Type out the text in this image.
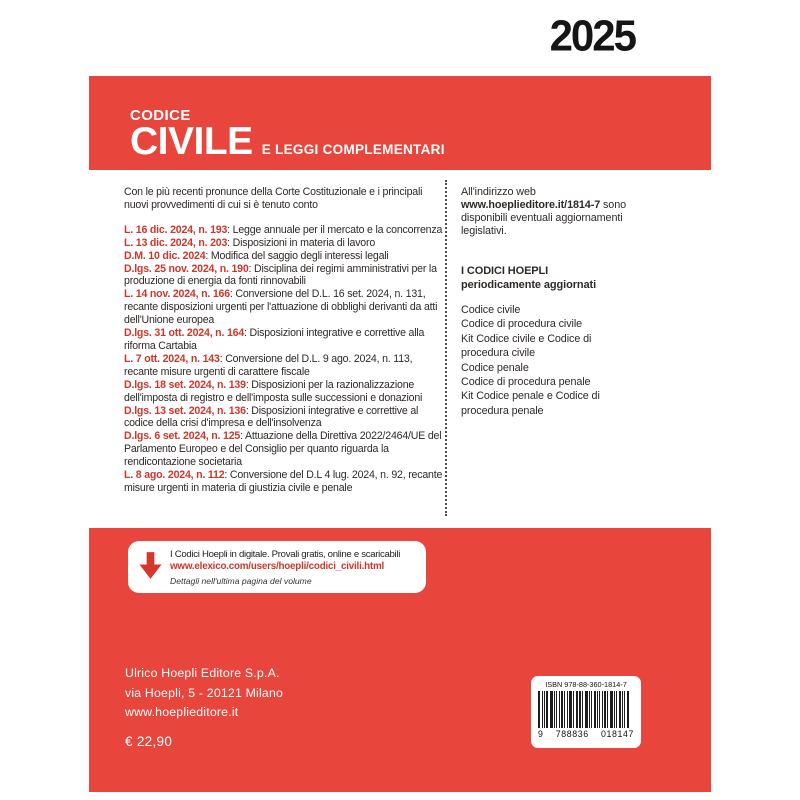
2025
CODICE
CIVILE E LEGGI COMPLEMENTARI

Con le più recenti pronunce della Corte Costituzionale e i principali nuovi provvedimenti di cui si è tenuto conto

L. 16 dic. 2024, n. 193: Legge annuale per il mercato e la concorrenza

L. 13 dic. 2024, n. 203: Disposizioni in materia di lavoro

D.M. 10 dic. 2024: Modifica del saggio degli interessi legali

D.lgs. 25 nov. 2024, n. 190: Disciplina dei regimi amministrativi per la produzione di energia da fonti rinnovabili

L. 14 nov. 2024, n. 166: Conversione del D.L. 16 set. 2024, n. 131, recante disposizioni urgenti per l'attuazione di obblighi derivanti da atti dell'Unione europea

D.lgs. 31 ott. 2024, n. 164: Disposizioni integrative e correttive alla riforma Cartabia

L. 7 ott. 2024, n. 143: Conversione del D.L. 9 ago. 2024, n. 113, recante misure urgenti di carattere fiscale

D.lgs. 18 set. 2024, n. 139: Disposizioni per la razionalizzazione dell'imposta di registro e dell'imposta sulle successioni e donazioni

D.lgs. 13 set. 2024, n. 136: Disposizioni integrative e correttive al codice della crisi d'impresa e dell'insolvenza

D.lgs. 6 set. 2024, n. 125: Attuazione della Direttiva 2022/2464/UE del Parlamento Europeo e del Consiglio per quanto riguarda la rendicontazione societaria

L. 8 ago. 2024, n. 112: Conversione del D.L 4 lug. 2024, n. 92, recante misure urgenti in materia di giustizia civile e penale

All'indirizzo web www.hoeplieditore.it/1814-7 sono disponibili eventuali aggiornamenti legislativi.

I CODICI HOEPLI

periodicamente aggiornati

Codice civile
Codice di procedura civile
Kit Codice civile e Codice di procedura civile
Codice penale
Codice di procedura penale
Kit Codice penale e Codice di procedura penale

I Codici Hoepli in digitale. Provali gratis, online e scaricabili

www.elexico.com/users/hoepli/codici_civili.html

Dettagli nell'ultima pagina del volume

Ulrico Hoepli Editore S.p.A.
via Hoepli, 5 - 20121 Milano
www.hoeplieditore.it
€ 22,90

ISBN 978-88-360-1814-7

9 788836 018147
